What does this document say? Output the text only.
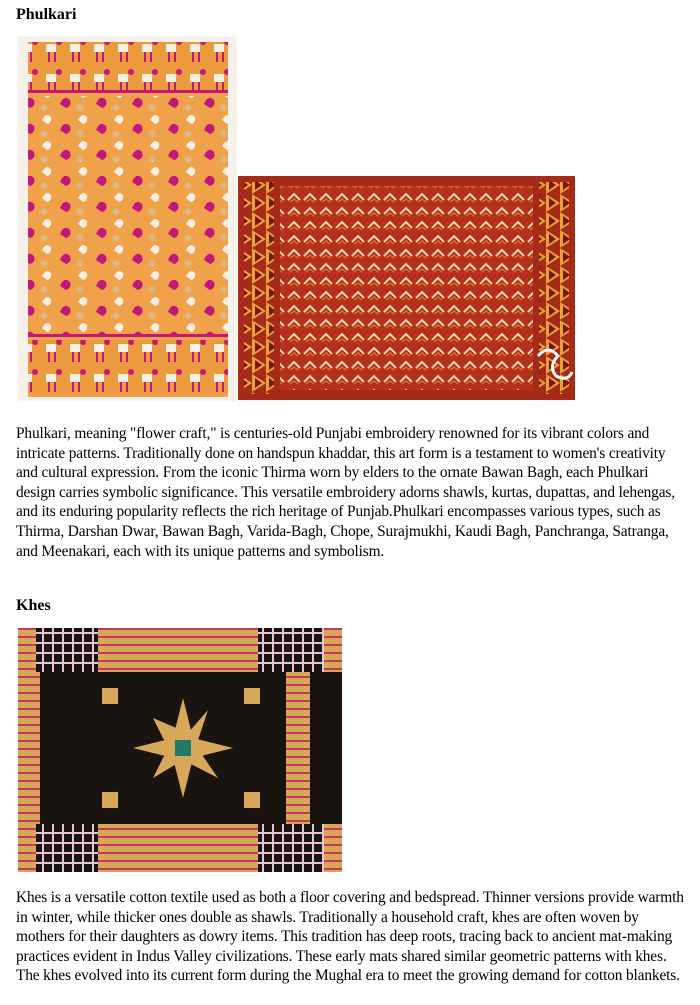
Phulkari

Phulkari, meaning "flower craft," is centuries-old Punjabi embroidery renowned for its vibrant colors and intricate patterns. Traditionally done on handspun khaddar, this art form is a testament to women's creativity and cultural expression. From the iconic Thirma worn by elders to the ornate Bawan Bagh, each Phulkari design carries symbolic significance. This versatile embroidery adorns shawls, kurtas, dupattas, and lehengas, and its enduring popularity reflects the rich heritage of Punjab.Phulkari encompasses various types, such as Thirma, Darshan Dwar, Bawan Bagh, Varida-Bagh, Chope, Surajmukhi, Kaudi Bagh, Panchranga, Satranga, and Meenakari, each with its unique patterns and symbolism.

Khes

Khes is a versatile cotton textile used as both a floor covering and bedspread. Thinner versions provide warmth in winter, while thicker ones double as shawls. Traditionally a household craft, khes are often woven by mothers for their daughters as dowry items. This tradition has deep roots, tracing back to ancient mat-making practices evident in Indus Valley civilizations. These early mats shared similar geometric patterns with khes. The khes evolved into its current form during the Mughal era to meet the growing demand for cotton blankets.
